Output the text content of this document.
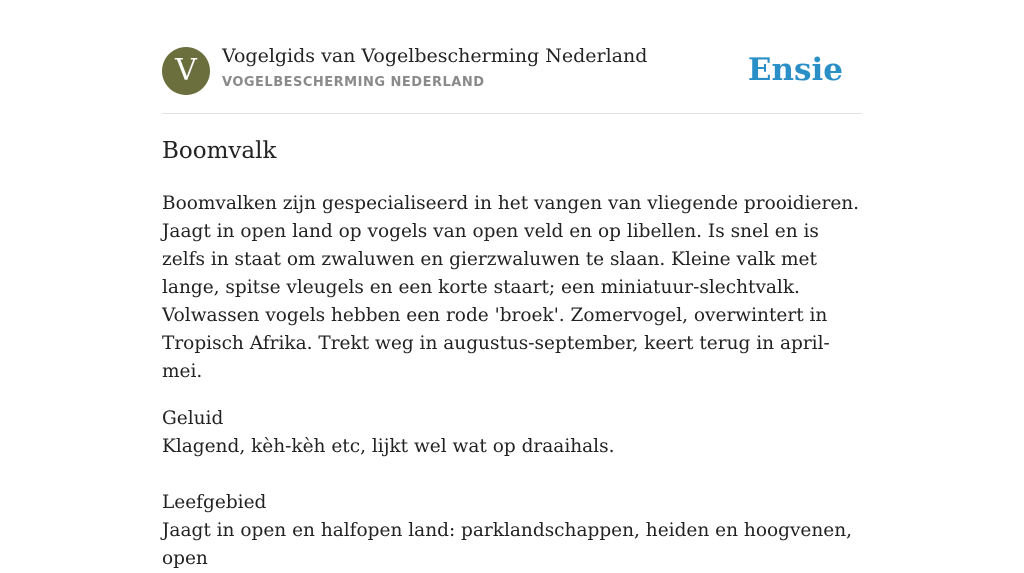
V	Vogelgids van Vogelbescherming Nederland
VOGELBESCHERMING NEDERLAND	Ensie
Boomvalk

Boomvalken zijn gespecialiseerd in het vangen van vliegende prooidieren. Jaagt in open land op vogels van open veld en op libellen. Is snel en is zelfs in staat om zwaluwen en gierzwaluwen te slaan. Kleine valk met lange, spitse vleugels en een korte staart; een miniatuur-slechtvalk. Volwassen vogels hebben een rode 'broek'. Zomervogel, overwintert in Tropisch Afrika. Trekt weg in augustus-september, keert terug in april-mei.

Geluid
Klagend, kèh-kèh etc, lijkt wel wat op draaihals.
Leefgebied
Jaagt in open en halfopen land: parklandschappen, heiden en hoogvenen, open
